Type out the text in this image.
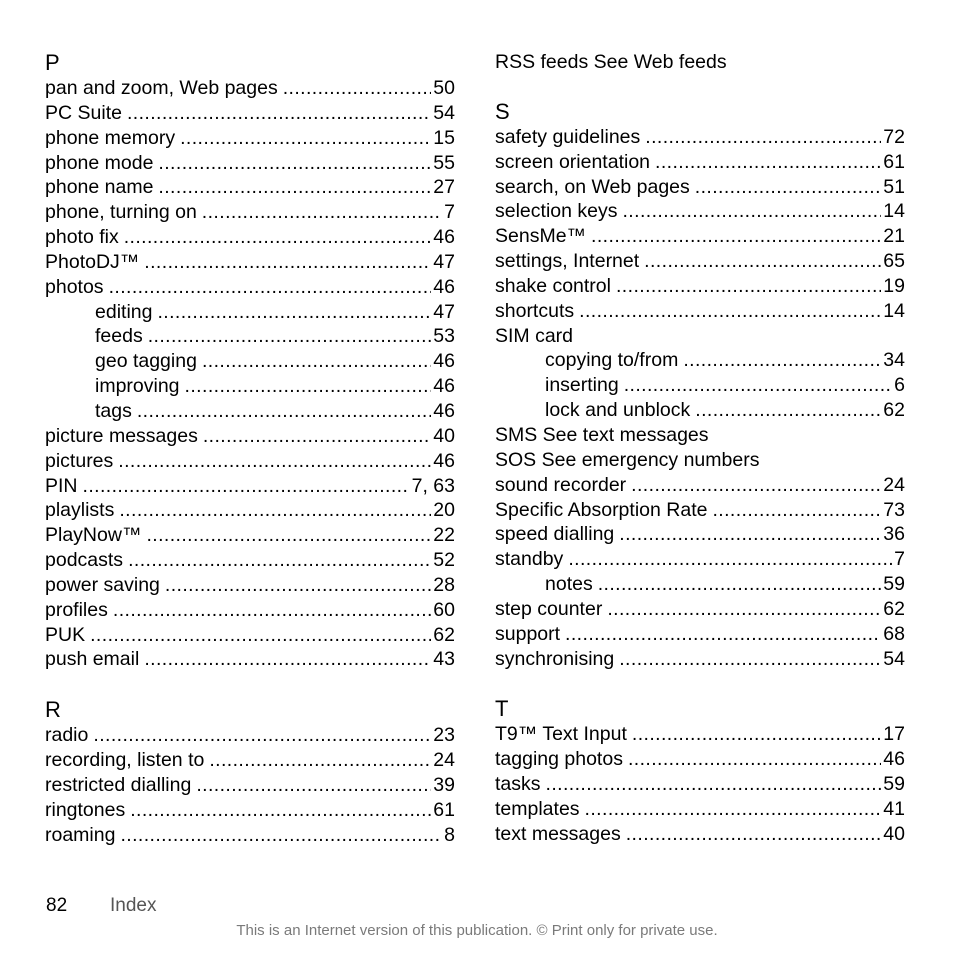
P
pan and zoom, Web pages .....	50
PC Suite .....	54
phone memory .....	15
phone mode .....	55
phone name .....	27
phone, turning on .....	7
photo fix .....	46
PhotoDJ™ .....	47
photos .....	46
editing .....	47
feeds .....	53
geo tagging .....	46
improving .....	46
tags .....	46
picture messages .....	40
pictures .....	46
PIN .....	7, 63
playlists .....	20
PlayNow™ .....	22
podcasts .....	52
power saving .....	28
profiles .....	60
PUK .....	62
push email .....	43
R
radio .....	23
recording, listen to .....	24
restricted dialling .....	39
ringtones .....	61
roaming .....	8
RSS feeds See Web feeds
S
safety guidelines .....	72
screen orientation .....	61
search, on Web pages .....	51
selection keys .....	14
SensMe™ .....	21
settings, Internet .....	65
shake control .....	19
shortcuts .....	14
SIM card
copying to/from .....	34
inserting .....	6
lock and unblock .....	62
SMS See text messages
SOS See emergency numbers
sound recorder .....	24
Specific Absorption Rate .....	73
speed dialling .....	36
standby .....	7
notes .....	59
step counter .....	62
support .....	68
synchronising .....	54
T
T9™ Text Input .....	17
tagging photos .....	46
tasks .....	59
templates .....	41
text messages .....	40
82 Index
This is an Internet version of this publication. © Print only for private use.
